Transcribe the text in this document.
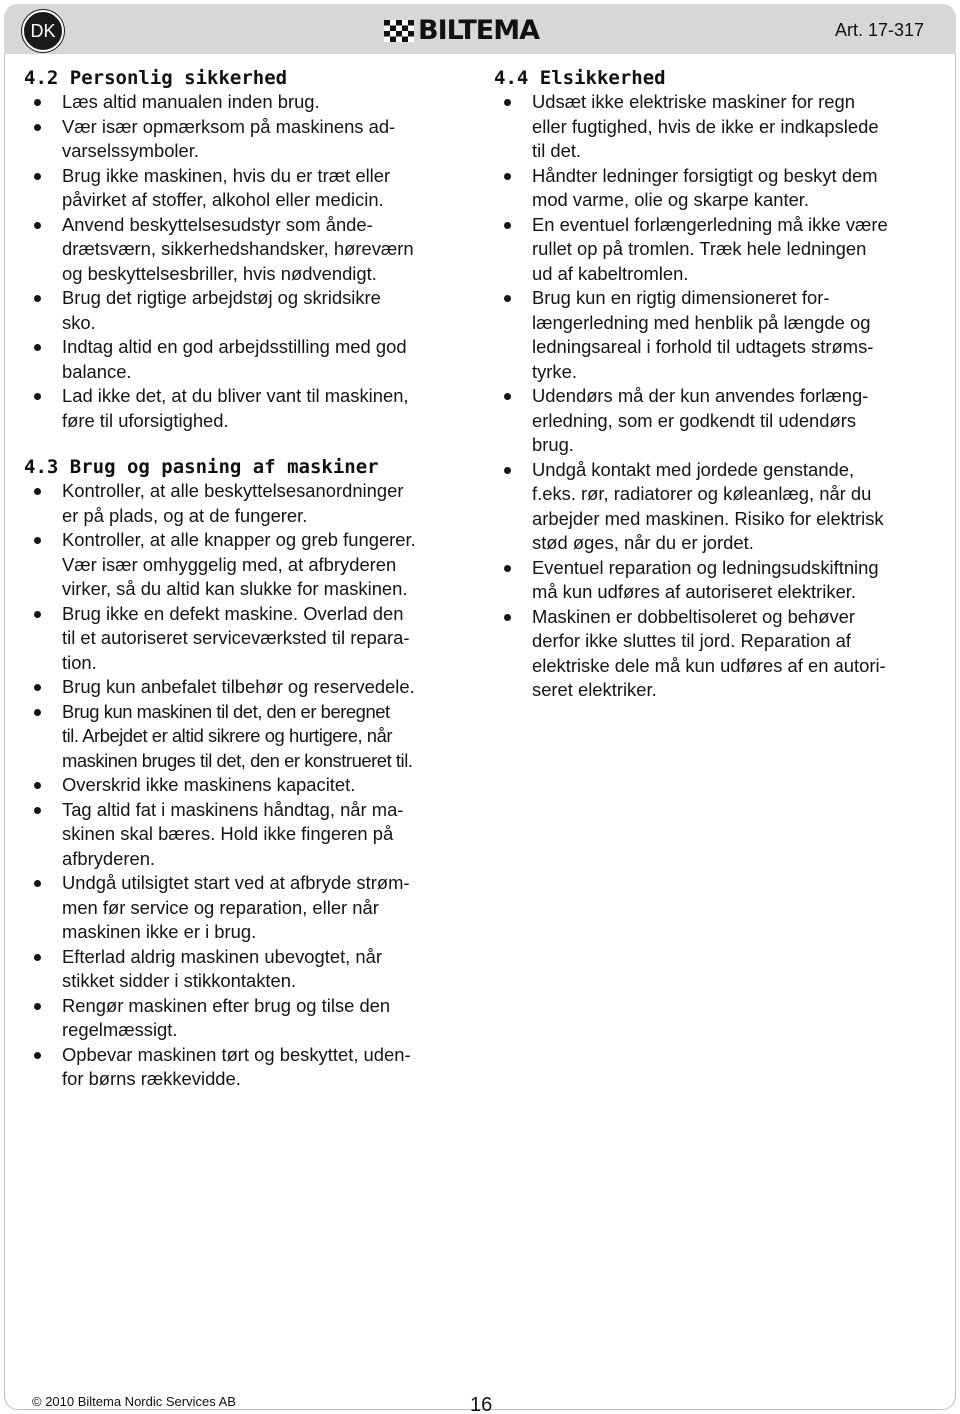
DK	BILTEMA	Art. 17-317
4.2 Personlig sikkerhed
Læs altid manualen inden brug.
Vær især opmærksom på maskinens ad-
varselssymboler.
Brug ikke maskinen, hvis du er træt eller
påvirket af stoffer, alkohol eller medicin.
Anvend beskyttelsesudstyr som ånde-
drætsværn, sikkerhedshandsker, høreværn
og beskyttelsesbriller, hvis nødvendigt.
Brug det rigtige arbejdstøj og skridsikre
sko.
Indtag altid en god arbejdsstilling med god
balance.
Lad ikke det, at du bliver vant til maskinen,
føre til uforsigtighed.
4.3 Brug og pasning af maskiner
Kontroller, at alle beskyttelsesanordninger
er på plads, og at de fungerer.
Kontroller, at alle knapper og greb fungerer.
Vær især omhyggelig med, at afbryderen
virker, så du altid kan slukke for maskinen.
Brug ikke en defekt maskine. Overlad den
til et autoriseret serviceværksted til repara-
tion.
Brug kun anbefalet tilbehør og reservedele.
Brug kun maskinen til det, den er beregnet
til. Arbejdet er altid sikrere og hurtigere, når
maskinen bruges til det, den er konstrueret til.
Overskrid ikke maskinens kapacitet.
Tag altid fat i maskinens håndtag, når ma-
skinen skal bæres. Hold ikke fingeren på
afbryderen.
Undgå utilsigtet start ved at afbryde strøm-
men før service og reparation, eller når
maskinen ikke er i brug.
Efterlad aldrig maskinen ubevogtet, når
stikket sidder i stikkontakten.
Rengør maskinen efter brug og tilse den
regelmæssigt.
Opbevar maskinen tørt og beskyttet, uden-
for børns rækkevidde.
4.4 Elsikkerhed
Udsæt ikke elektriske maskiner for regn
eller fugtighed, hvis de ikke er indkapslede
til det.
Håndter ledninger forsigtigt og beskyt dem
mod varme, olie og skarpe kanter.
En eventuel forlængerledning må ikke være
rullet op på tromlen. Træk hele ledningen
ud af kabeltromlen.
Brug kun en rigtig dimensioneret for-
længerledning med henblik på længde og
ledningsareal i forhold til udtagets strøms-
tyrke.
Udendørs må der kun anvendes forlæng-
erledning, som er godkendt til udendørs
brug.
Undgå kontakt med jordede genstande,
f.eks. rør, radiatorer og køleanlæg, når du
arbejder med maskinen. Risiko for elektrisk
stød øges, når du er jordet.
Eventuel reparation og ledningsudskiftning
må kun udføres af autoriseret elektriker.
Maskinen er dobbeltisoleret og behøver
derfor ikke sluttes til jord. Reparation af
elektriske dele må kun udføres af en autori-
seret elektriker.
© 2010 Biltema Nordic Services AB	16
